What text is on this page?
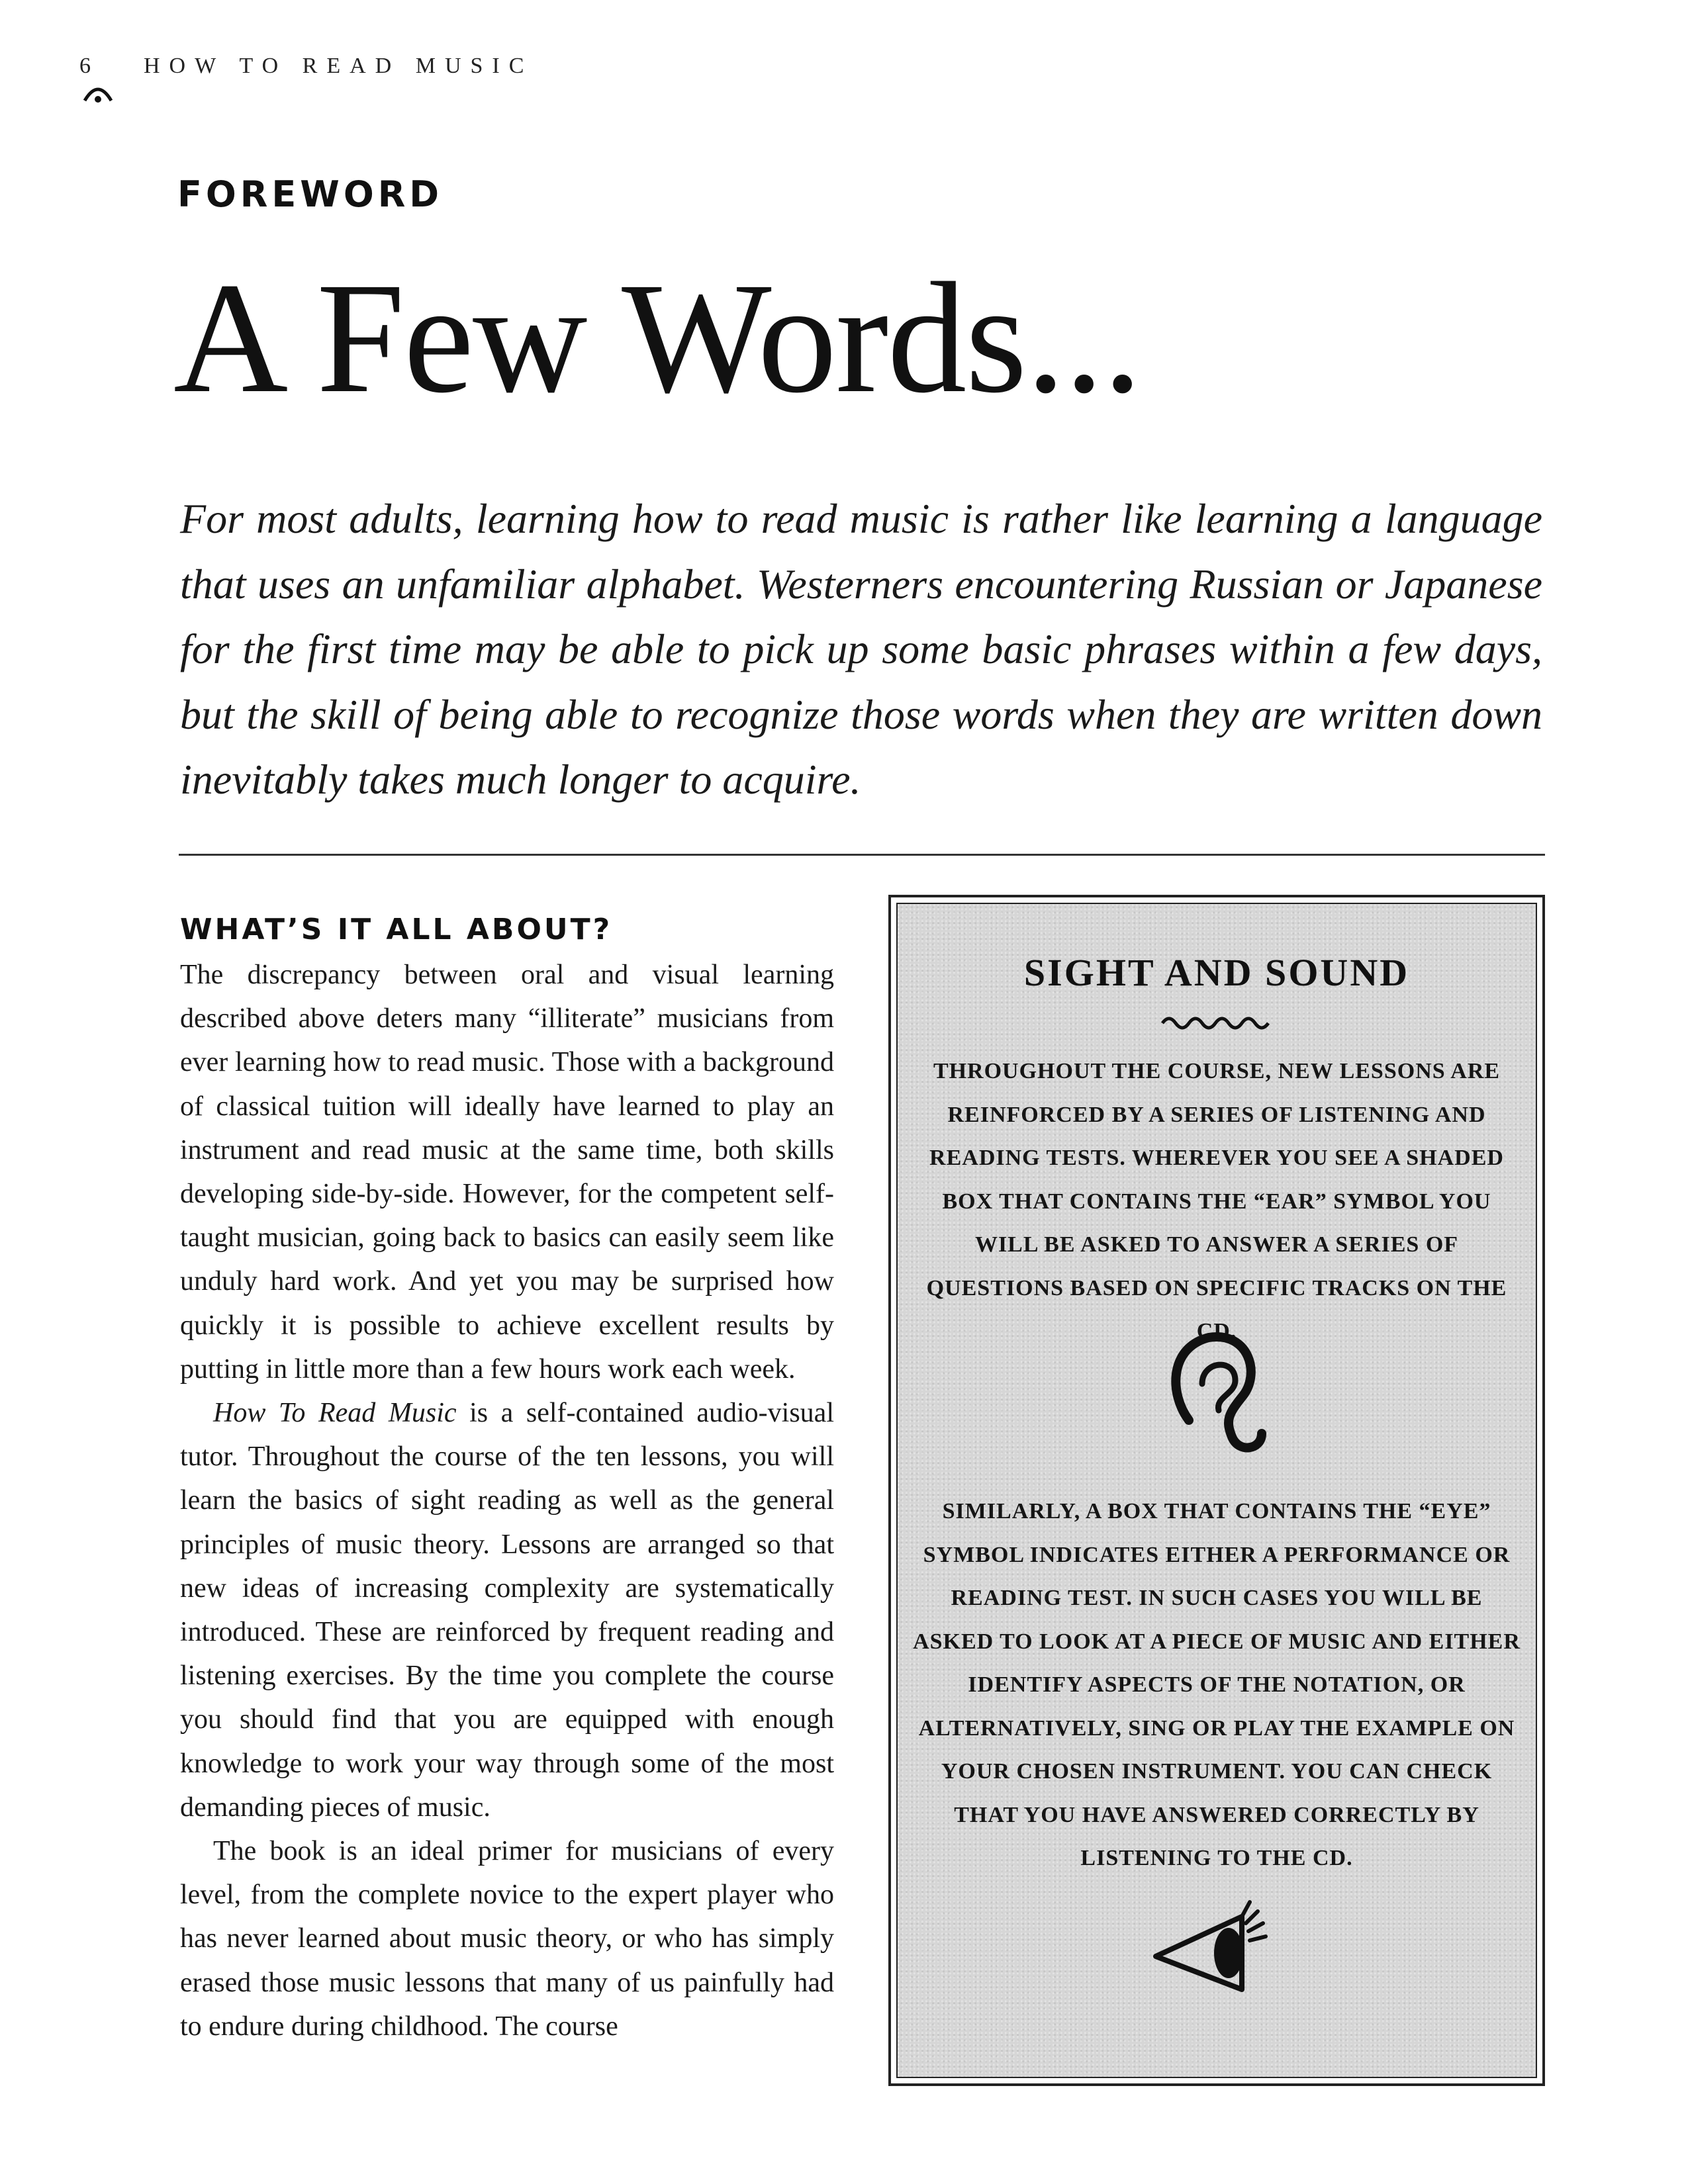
6 HOW TO READ MUSIC
FOREWORD
A Few Words...

For most adults, learning how to read music is rather like learning a language that uses an unfamiliar alphabet. Westerners encountering Russian or Japanese for the first time may be able to pick up some basic phrases within a few days, but the skill of being able to recognize those words when they are written down inevitably takes much longer to acquire.

WHAT’S IT ALL ABOUT?

The discrepancy between oral and visual learning described above deters many “illiterate” musicians from ever learning how to read music. Those with a background of classical tuition will ideally have learned to play an instrument and read music at the same time, both skills developing side-by-side. However, for the competent self-taught musician, going back to basics can easily seem like unduly hard work. And yet you may be surprised how quickly it is possible to achieve excellent results by putting in little more than a few hours work each week.

How To Read Music is a self-contained audio-visual tutor. Throughout the course of the ten lessons, you will learn the basics of sight reading as well as the general principles of music theory. Lessons are arranged so that new ideas of increasing complexity are systematically introduced. These are reinforced by frequent reading and listening exercises. By the time you complete the course you should find that you are equipped with enough knowledge to work your way through some of the most demanding pieces of music.

The book is an ideal primer for musicians of every level, from the complete novice to the expert player who has never learned about music theory, or who has simply erased those music lessons that many of us painfully had to endure during childhood. The course

SIGHT AND SOUND

THROUGHOUT THE COURSE, NEW LESSONS ARE REINFORCED BY A SERIES OF LISTENING AND READING TESTS. WHEREVER YOU SEE A SHADED BOX THAT CONTAINS THE “EAR” SYMBOL YOU WILL BE ASKED TO ANSWER A SERIES OF QUESTIONS BASED ON SPECIFIC TRACKS ON THE CD.

SIMILARLY, A BOX THAT CONTAINS THE “EYE” SYMBOL INDICATES EITHER A PERFORMANCE OR READING TEST. IN SUCH CASES YOU WILL BE ASKED TO LOOK AT A PIECE OF MUSIC AND EITHER IDENTIFY ASPECTS OF THE NOTATION, OR ALTERNATIVELY, SING OR PLAY THE EXAMPLE ON YOUR CHOSEN INSTRUMENT. YOU CAN CHECK THAT YOU HAVE ANSWERED CORRECTLY BY LISTENING TO THE CD.
